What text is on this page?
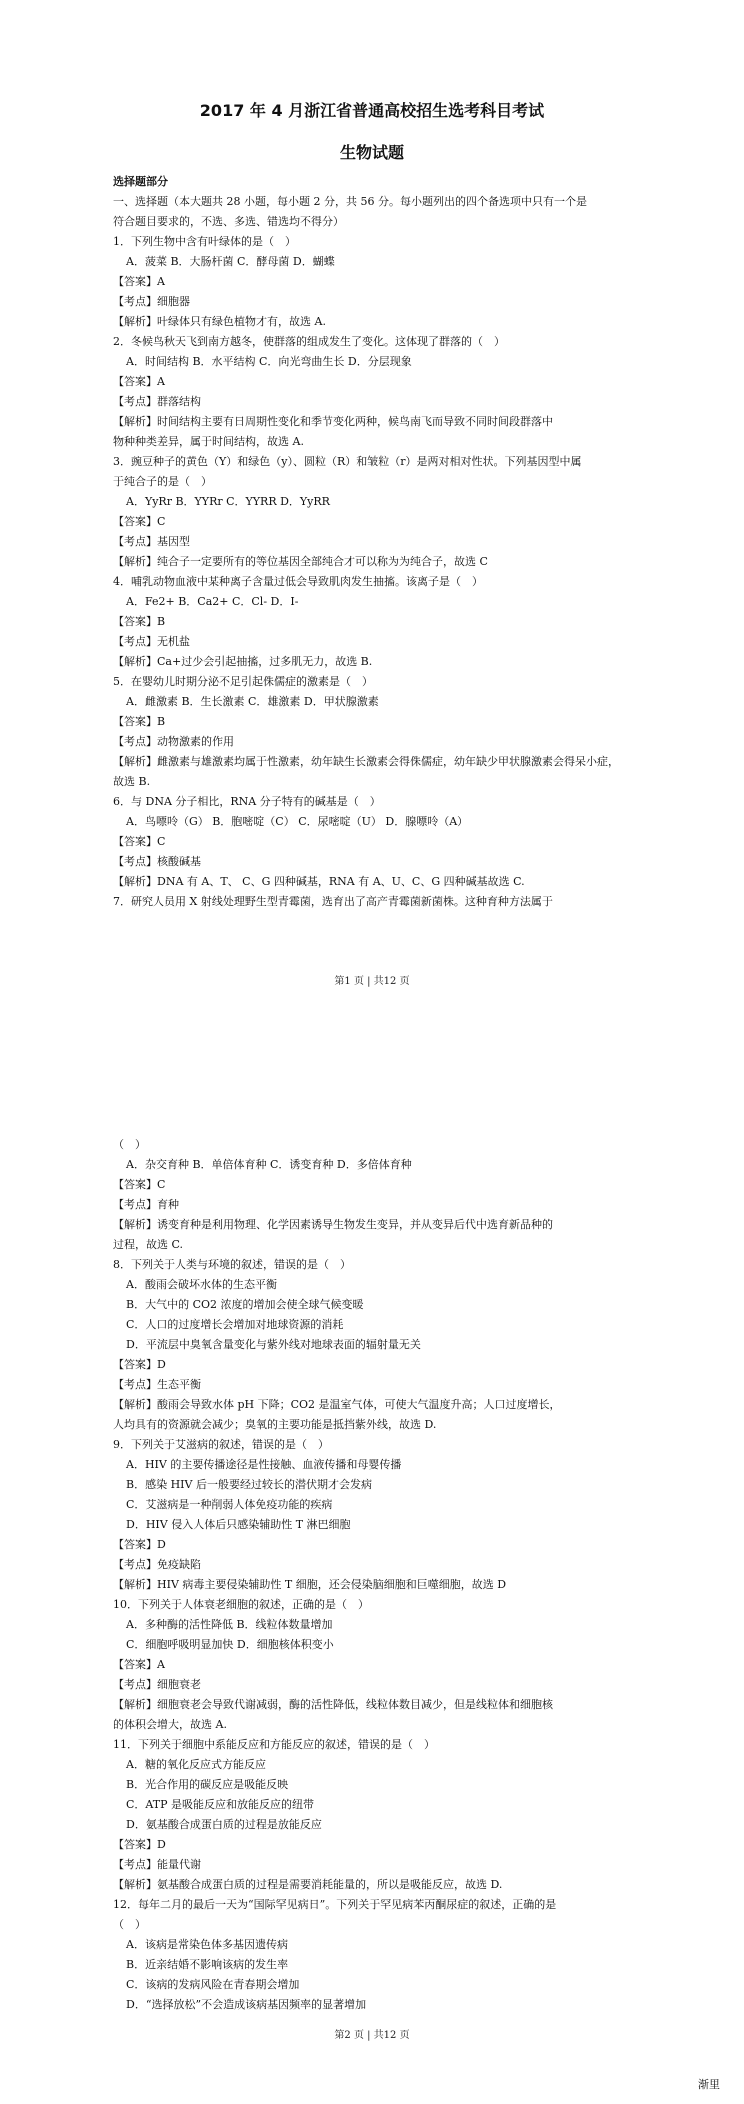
2017 年 4 月浙江省普通高校招生选考科目考试
生物试题
选择题部分
一、选择题（本大题共 28 小题，每小题 2 分，共 56 分。每小题列出的四个备选项中只有一个是
符合题目要求的，不选、多选、错选均不得分）
1．下列生物中含有叶绿体的是（　）
A．菠菜 B．大肠杆菌 C．酵母菌 D．蝴蝶
【答案】A
【考点】细胞器
【解析】叶绿体只有绿色植物才有，故选 A.
2．冬候鸟秋天飞到南方越冬，使群落的组成发生了变化。这体现了群落的（　）
A．时间结构 B．水平结构 C．向光弯曲生长 D．分层现象
【答案】A
【考点】群落结构
【解析】时间结构主要有日周期性变化和季节变化两种，候鸟南飞而导致不同时间段群落中
物种种类差异，属于时间结构，故选 A.
3．豌豆种子的黄色（Y）和绿色（y）、圆粒（R）和皱粒（r）是两对相对性状。下列基因型中属
于纯合子的是（　）
A．YyRr B．YYRr C．YYRR D．YyRR
【答案】C
【考点】基因型
【解析】纯合子一定要所有的等位基因全部纯合才可以称为为纯合子，故选 C
4．哺乳动物血液中某种离子含量过低会导致肌肉发生抽搐。该离子是（　）
A．Fe2+ B．Ca2+ C．Cl- D．I-
【答案】B
【考点】无机盐
【解析】Ca+过少会引起抽搐，过多肌无力，故选 B.
5．在婴幼儿时期分泌不足引起侏儒症的激素是（　）
A．雌激素 B．生长激素 C．雄激素 D．甲状腺激素
【答案】B
【考点】动物激素的作用
【解析】雌激素与雄激素均属于性激素，幼年缺生长激素会得侏儒症，幼年缺少甲状腺激素会得呆小症，
故选 B.
6．与 DNA 分子相比，RNA 分子特有的碱基是（　）
A．鸟嘌呤（G） B．胞嘧啶（C） C．尿嘧啶（U） D．腺嘌呤（A）
【答案】C
【考点】核酸碱基
【解析】DNA 有 A、T、 C、G 四种碱基，RNA 有 A、U、C、G 四种碱基故选 C.
7．研究人员用 X 射线处理野生型青霉菌，选育出了高产青霉菌新菌株。这种育种方法属于
第1 页 | 共12 页
（　）
A．杂交育种 B．单倍体育种 C．诱变育种 D．多倍体育种
【答案】C
【考点】育种
【解析】诱变育种是利用物理、化学因素诱导生物发生变异，并从变异后代中选育新品种的
过程，故选 C.
8．下列关于人类与环境的叙述，错误的是（　）
A．酸雨会破坏水体的生态平衡
B．大气中的 CO2 浓度的增加会使全球气候变暖
C．人口的过度增长会增加对地球资源的消耗
D．平流层中臭氧含量变化与紫外线对地球表面的辐射量无关
【答案】D
【考点】生态平衡
【解析】酸雨会导致水体 pH 下降；CO2 是温室气体，可使大气温度升高；人口过度增长，
人均具有的资源就会减少；臭氧的主要功能是抵挡紫外线，故选 D.
9．下列关于艾滋病的叙述，错误的是（　）
A．HIV 的主要传播途径是性接触、血液传播和母婴传播
B．感染 HIV 后一般要经过较长的潜伏期才会发病
C．艾滋病是一种削弱人体免疫功能的疾病
D．HIV 侵入人体后只感染辅助性 T 淋巴细胞
【答案】D
【考点】免疫缺陷
【解析】HIV 病毒主要侵染辅助性 T 细胞，还会侵染脑细胞和巨噬细胞，故选 D
10．下列关于人体衰老细胞的叙述，正确的是（　）
A．多种酶的活性降低 B．线粒体数量增加
C．细胞呼吸明显加快 D．细胞核体积变小
【答案】A
【考点】细胞衰老
【解析】细胞衰老会导致代谢减弱，酶的活性降低，线粒体数目减少，但是线粒体和细胞核
的体积会增大，故选 A.
11．下列关于细胞中系能反应和方能反应的叙述，错误的是（　）
A．糖的氧化反应式方能反应
B．光合作用的碳反应是吸能反映
C．ATP 是吸能反应和放能反应的纽带
D．氨基酸合成蛋白质的过程是放能反应
【答案】D
【考点】能量代谢
【解析】氨基酸合成蛋白质的过程是需要消耗能量的，所以是吸能反应，故选 D.
12．每年二月的最后一天为“国际罕见病日”。下列关于罕见病苯丙酮尿症的叙述，正确的是
（　）
A．该病是常染色体多基因遗传病
B．近亲结婚不影响该病的发生率
C．该病的发病风险在青春期会增加
D．“选择放松”不会造成该病基因频率的显著增加
第2 页 | 共12 页
渐里
